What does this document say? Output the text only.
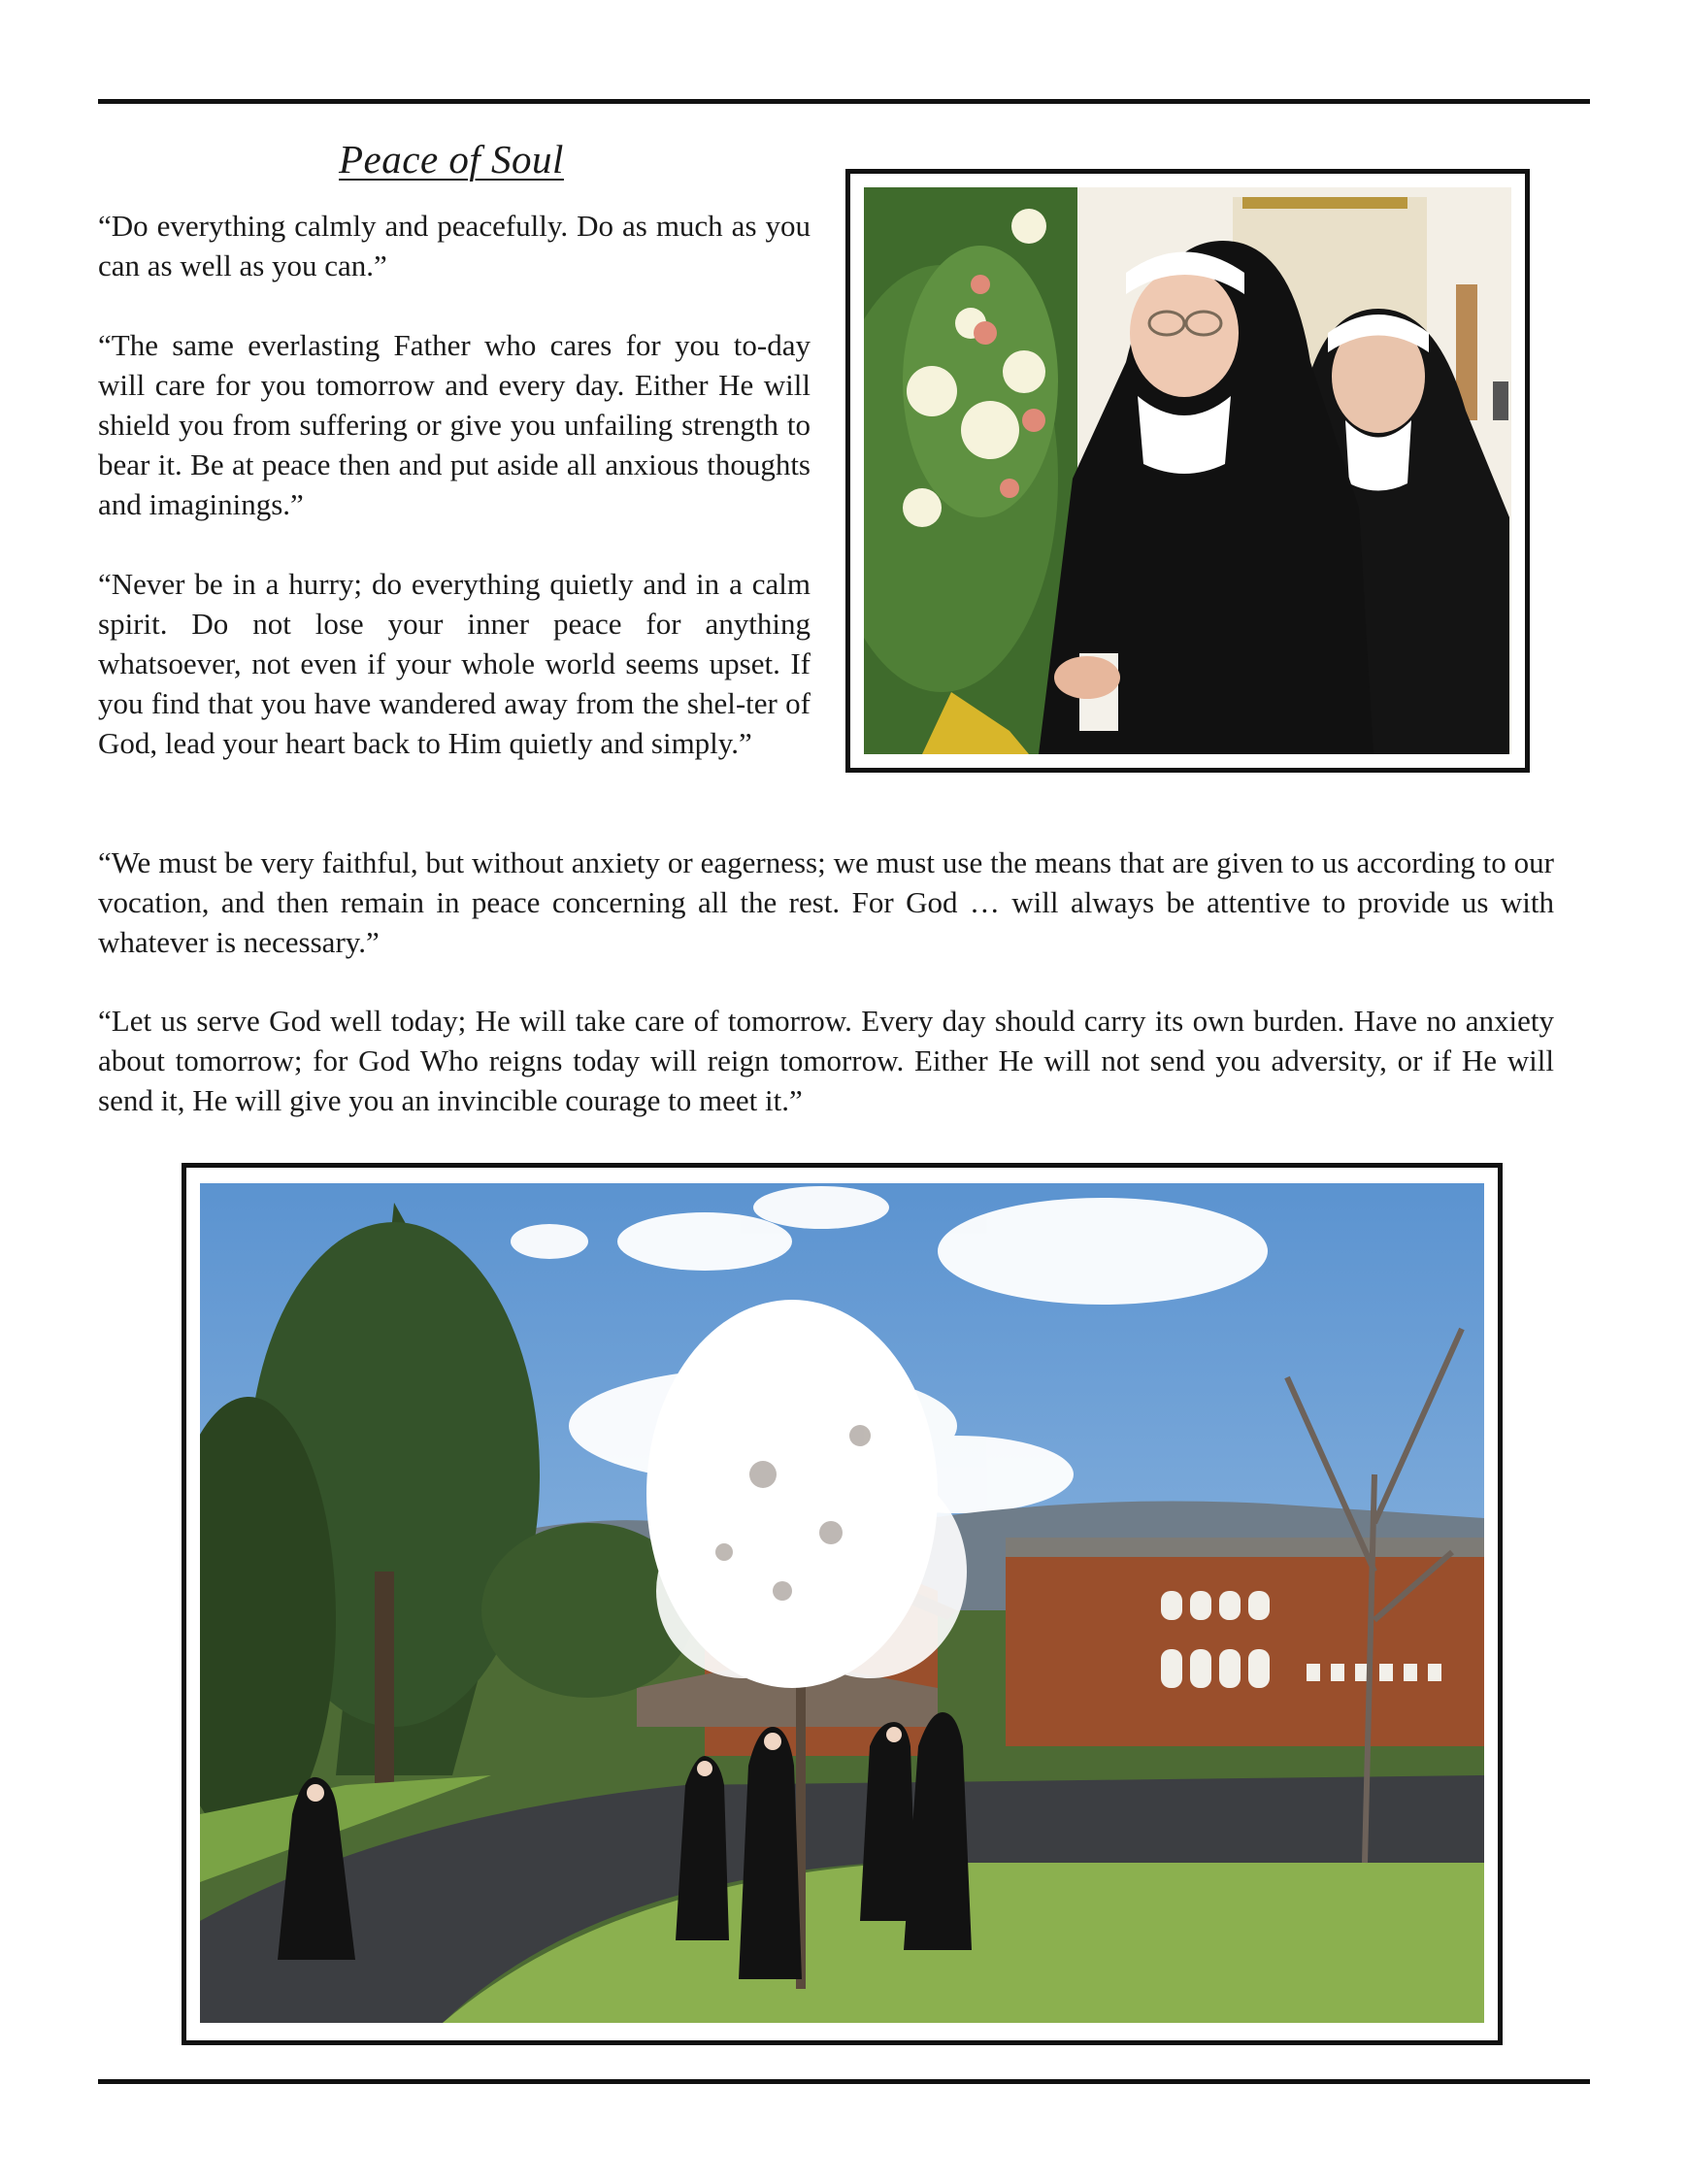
Peace of Soul

“Do everything calmly and peacefully. Do as much as you can as well as you can.”

“The same everlasting Father who cares for you to-day will care for you tomorrow and every day. Either He will shield you from suffering or give you unfailing strength to bear it. Be at peace then and put aside all anxious thoughts and imaginings.”

“Never be in a hurry; do everything quietly and in a calm spirit. Do not lose your inner peace for anything whatsoever, not even if your whole world seems upset. If you find that you have wandered away from the shel-ter of God, lead your heart back to Him quietly and simply.”

“We must be very faithful, but without anxiety or eagerness; we must use the means that are given to us according to our vocation, and then remain in peace concerning all the rest. For God … will always be attentive to provide us with whatever is necessary.”

“Let us serve God well today; He will take care of tomorrow. Every day should carry its own burden. Have no anxiety about tomorrow; for God Who reigns today will reign tomorrow. Either He will not send you adversity, or if He will send it, He will give you an invincible courage to meet it.”
